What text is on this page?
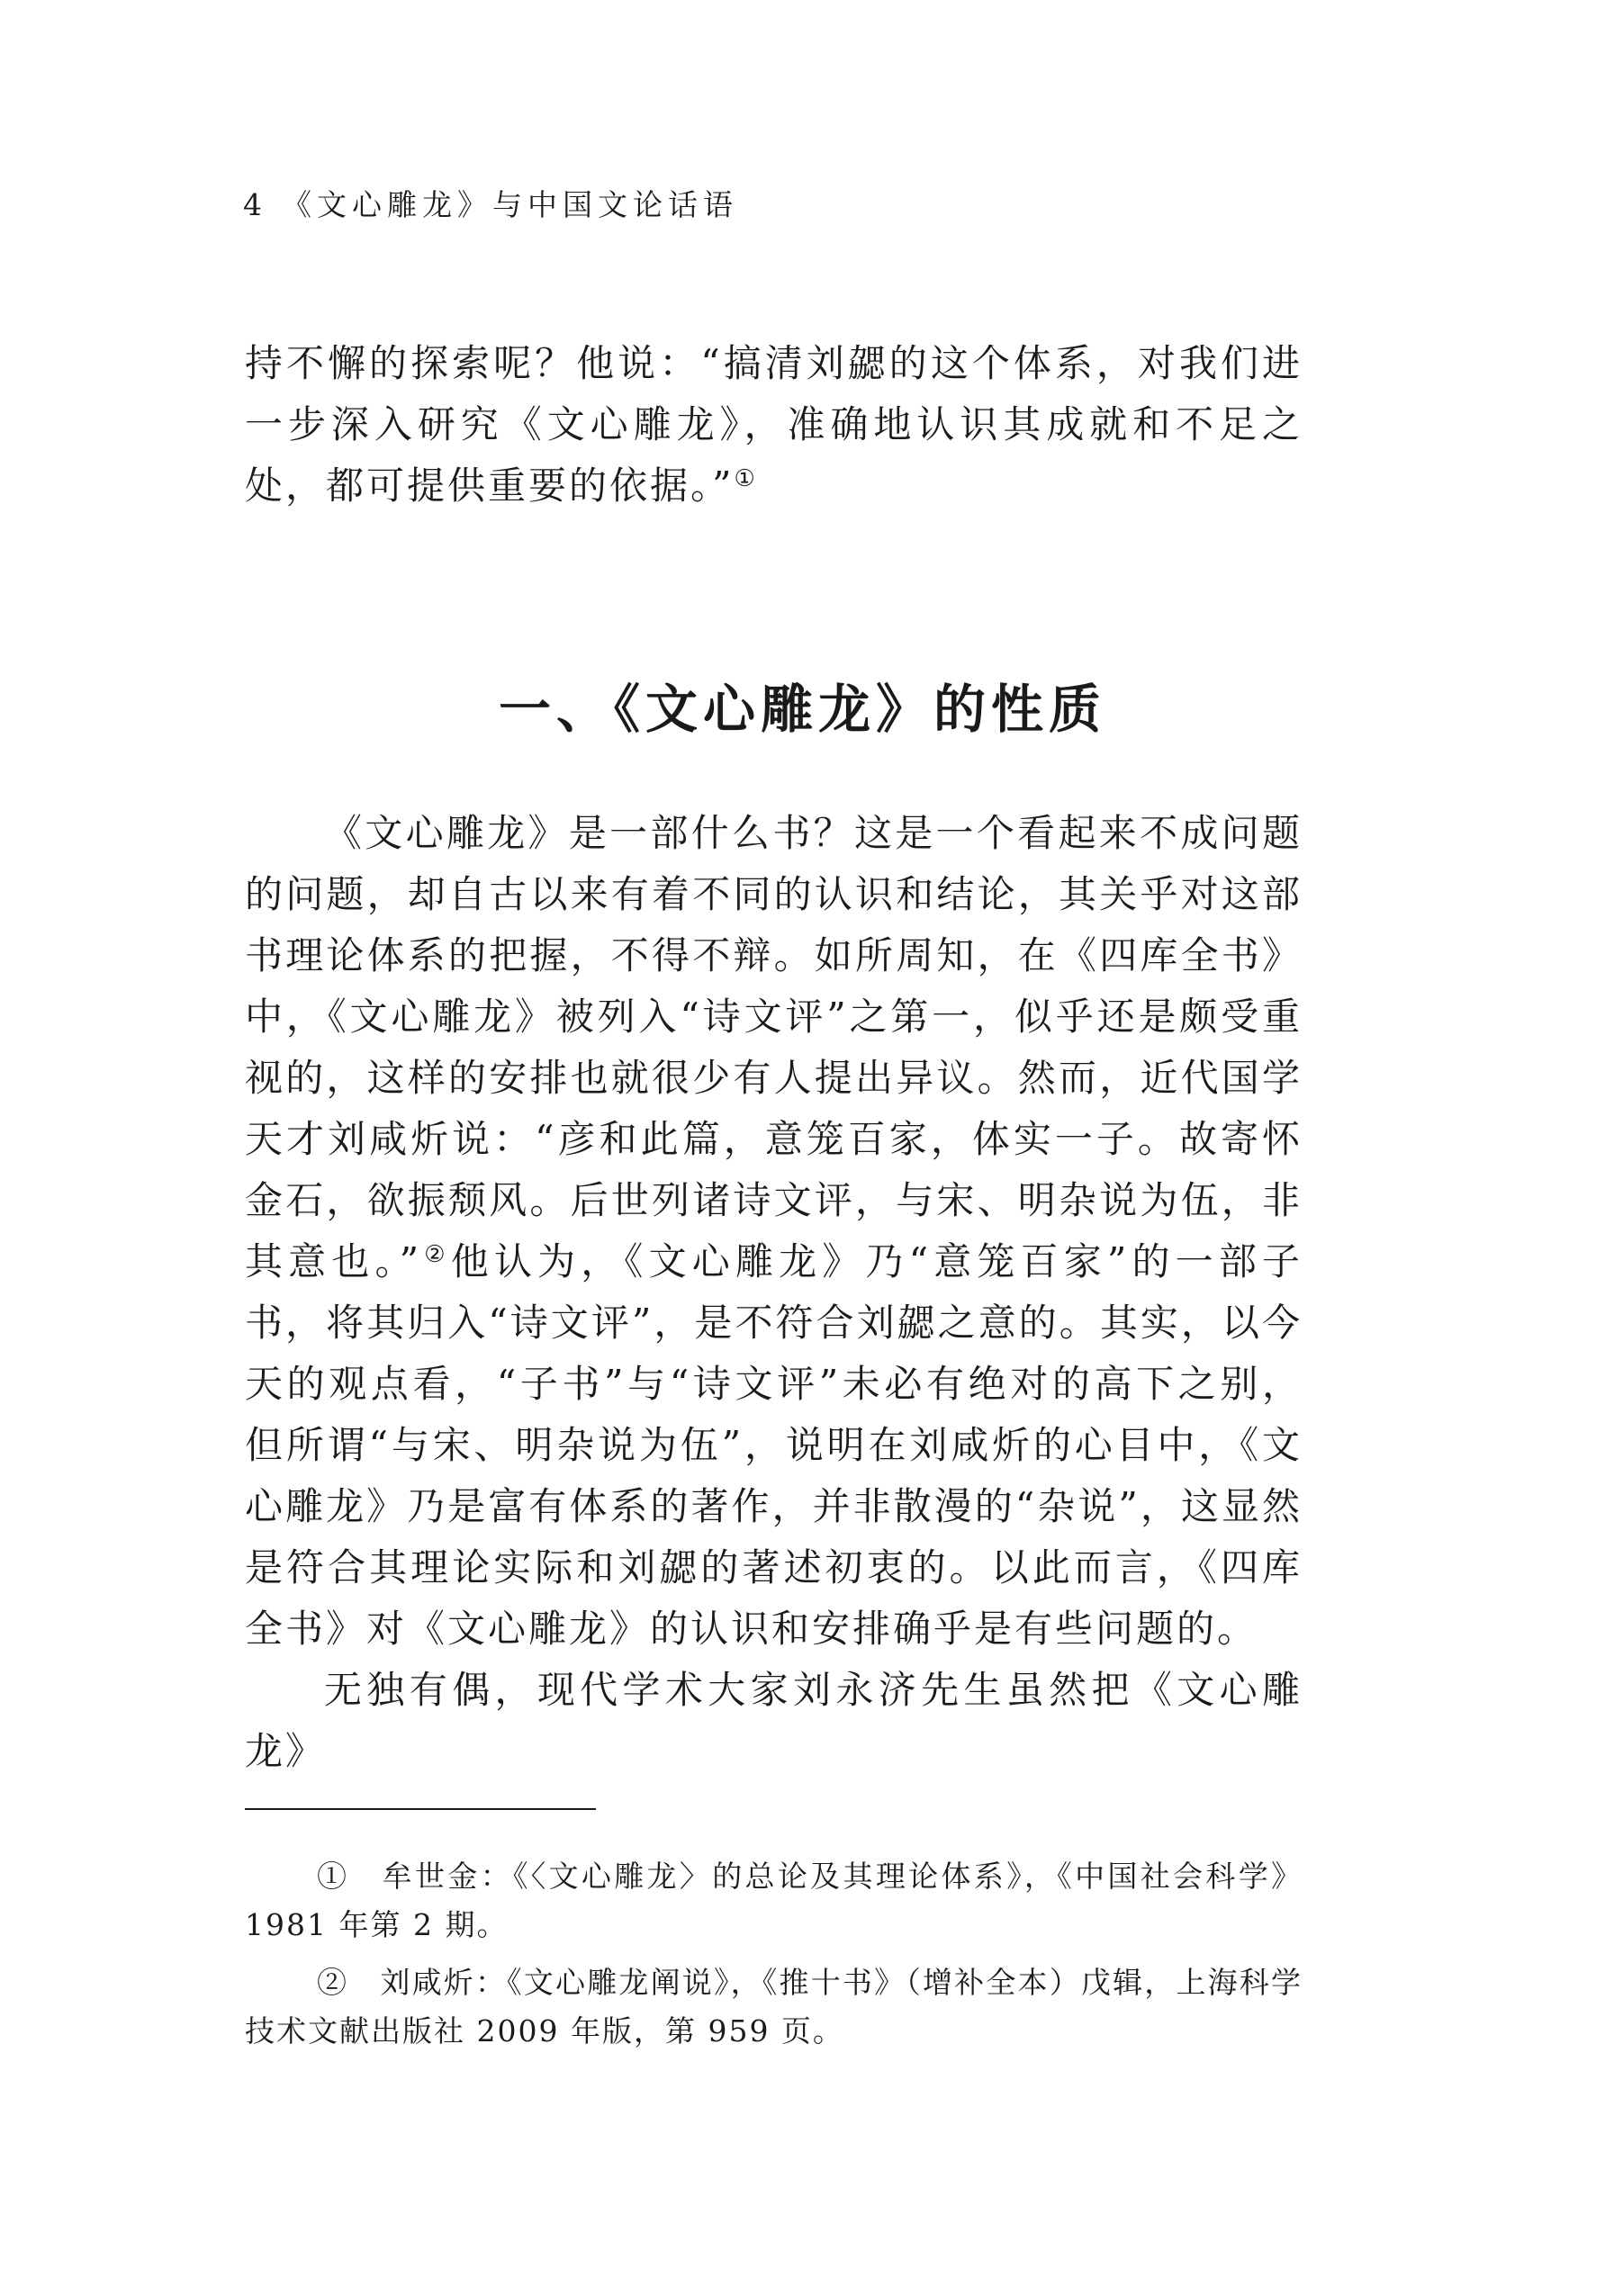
4 《文心雕龙》与中国文论话语

持不懈的探索呢？他说：“搞清刘勰的这个体系，对我们进一步深入研究《文心雕龙》，准确地认识其成就和不足之处，都可提供重要的依据。”①

一、《文心雕龙》的性质

《文心雕龙》是一部什么书？这是一个看起来不成问题的问题，却自古以来有着不同的认识和结论，其关乎对这部书理论体系的把握，不得不辩。如所周知，在《四库全书》中，《文心雕龙》被列入“诗文评”之第一，似乎还是颇受重视的，这样的安排也就很少有人提出异议。然而，近代国学天才刘咸炘说：“彦和此篇，意笼百家，体实一子。故寄怀金石，欲振颓风。后世列诸诗文评，与宋、明杂说为伍，非其意也。”②他认为，《文心雕龙》乃“意笼百家”的一部子书，将其归入“诗文评”，是不符合刘勰之意的。其实，以今天的观点看，“子书”与“诗文评”未必有绝对的高下之别，但所谓“与宋、明杂说为伍”，说明在刘咸炘的心目中，《文心雕龙》乃是富有体系的著作，并非散漫的“杂说”，这显然是符合其理论实际和刘勰的著述初衷的。以此而言，《四库全书》对《文心雕龙》的认识和安排确乎是有些问题的。

无独有偶，现代学术大家刘永济先生虽然把《文心雕龙》

①　 牟世金：《〈文心雕龙〉的总论及其理论体系》，《中国社会科学》1981 年第 2 期。

②　 刘咸炘：《文心雕龙阐说》，《推十书》（增补全本）戊辑，上海科学技术文献出版社 2009 年版，第 959 页。
